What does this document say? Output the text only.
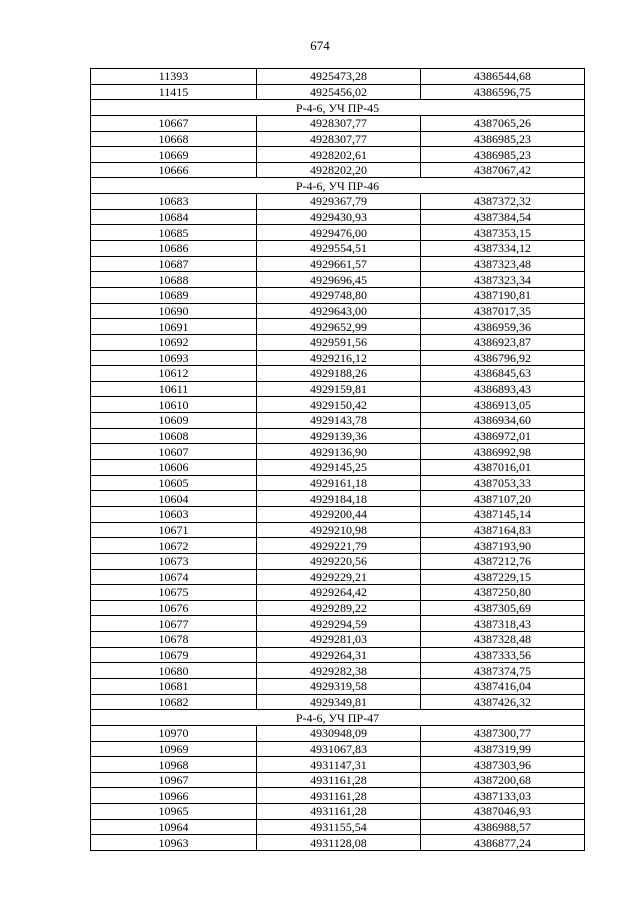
674
11393	4925473,28	4386544,68
11415	4925456,02	4386596,75
Р-4-6, УЧ ПР-45		
10667	4928307,77	4387065,26
10668	4928307,77	4386985,23
10669	4928202,61	4386985,23
10666	4928202,20	4387067,42
Р-4-6, УЧ ПР-46		
10683	4929367,79	4387372,32
10684	4929430,93	4387384,54
10685	4929476,00	4387353,15
10686	4929554,51	4387334,12
10687	4929661,57	4387323,48
10688	4929696,45	4387323,34
10689	4929748,80	4387190,81
10690	4929643,00	4387017,35
10691	4929652,99	4386959,36
10692	4929591,56	4386923,87
10693	4929216,12	4386796,92
10612	4929188,26	4386845,63
10611	4929159,81	4386893,43
10610	4929150,42	4386913,05
10609	4929143,78	4386934,60
10608	4929139,36	4386972,01
10607	4929136,90	4386992,98
10606	4929145,25	4387016,01
10605	4929161,18	4387053,33
10604	4929184,18	4387107,20
10603	4929200,44	4387145,14
10671	4929210,98	4387164,83
10672	4929221,79	4387193,90
10673	4929220,56	4387212,76
10674	4929229,21	4387229,15
10675	4929264,42	4387250,80
10676	4929289,22	4387305,69
10677	4929294,59	4387318,43
10678	4929281,03	4387328,48
10679	4929264,31	4387333,56
10680	4929282,38	4387374,75
10681	4929319,58	4387416,04
10682	4929349,81	4387426,32
Р-4-6, УЧ ПР-47		
10970	4930948,09	4387300,77
10969	4931067,83	4387319,99
10968	4931147,31	4387303,96
10967	4931161,28	4387200,68
10966	4931161,28	4387133,03
10965	4931161,28	4387046,93
10964	4931155,54	4386988,57
10963	4931128,08	4386877,24
